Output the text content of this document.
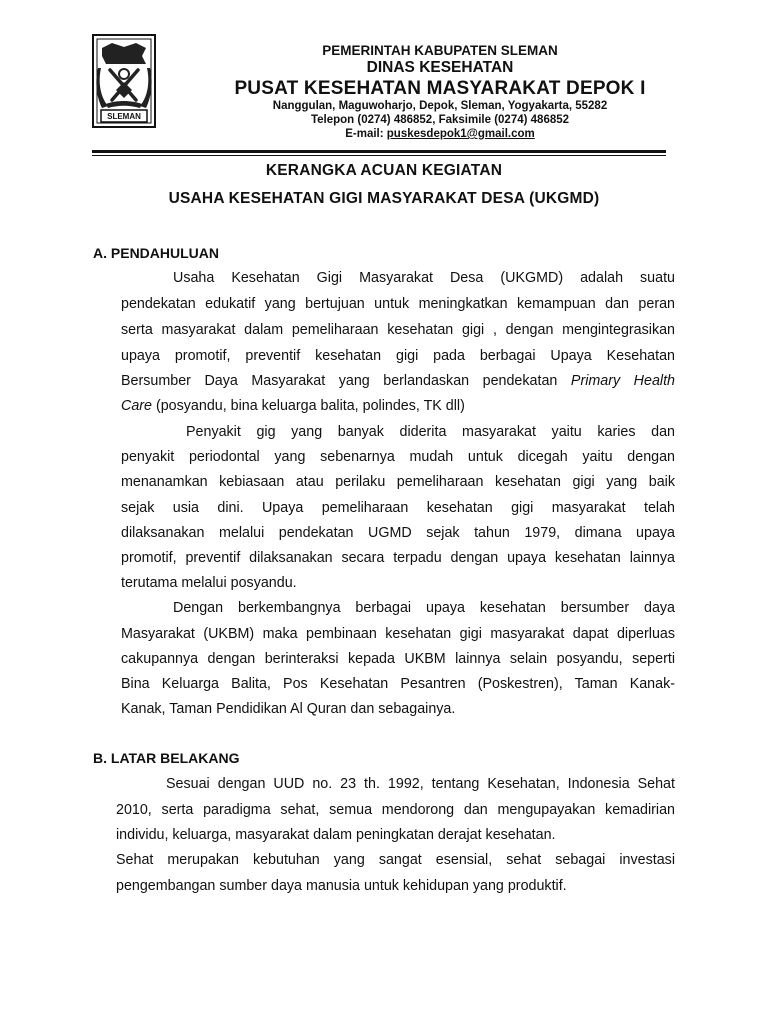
SLEMAN
PEMERINTAH KABUPATEN SLEMAN
DINAS KESEHATAN
PUSAT KESEHATAN MASYARAKAT DEPOK I
Nanggulan, Maguwoharjo, Depok, Sleman, Yogyakarta, 55282
Telepon (0274) 486852, Faksimile (0274) 486852
E-mail: puskesdepok1@gmail.com
KERANGKA ACUAN KEGIATAN
USAHA KESEHATAN GIGI MASYARAKAT DESA (UKGMD)
A. PENDAHULUAN
Usaha Kesehatan Gigi Masyarakat Desa (UKGMD) adalah suatu
pendekatan edukatif yang bertujuan untuk meningkatkan kemampuan dan peran
serta masyarakat dalam pemeliharaan kesehatan gigi , dengan mengintegrasikan
upaya promotif, preventif kesehatan gigi pada berbagai Upaya Kesehatan
Bersumber Daya Masyarakat yang berlandaskan pendekatan Primary Health
Care (posyandu, bina keluarga balita, polindes, TK dll)
Penyakit gig yang banyak diderita masyarakat yaitu karies dan
penyakit periodontal yang sebenarnya mudah untuk dicegah yaitu dengan
menanamkan kebiasaan atau perilaku pemeliharaan kesehatan gigi yang baik
sejak usia dini. Upaya pemeliharaan kesehatan gigi masyarakat telah
dilaksanakan melalui pendekatan UGMD sejak tahun 1979, dimana upaya
promotif, preventif dilaksanakan secara terpadu dengan upaya kesehatan lainnya
terutama melalui posyandu.
Dengan berkembangnya berbagai upaya kesehatan bersumber daya
Masyarakat (UKBM) maka pembinaan kesehatan gigi masyarakat dapat diperluas
cakupannya dengan berinteraksi kepada UKBM lainnya selain posyandu, seperti
Bina Keluarga Balita, Pos Kesehatan Pesantren (Poskestren), Taman Kanak-
Kanak, Taman Pendidikan Al Quran dan sebagainya.
B. LATAR BELAKANG
Sesuai dengan UUD no. 23 th. 1992, tentang Kesehatan, Indonesia Sehat
2010, serta paradigma sehat, semua mendorong dan mengupayakan kemadirian
individu, keluarga, masyarakat dalam peningkatan derajat kesehatan.
Sehat merupakan kebutuhan yang sangat esensial, sehat sebagai investasi
pengembangan sumber daya manusia untuk kehidupan yang produktif.
